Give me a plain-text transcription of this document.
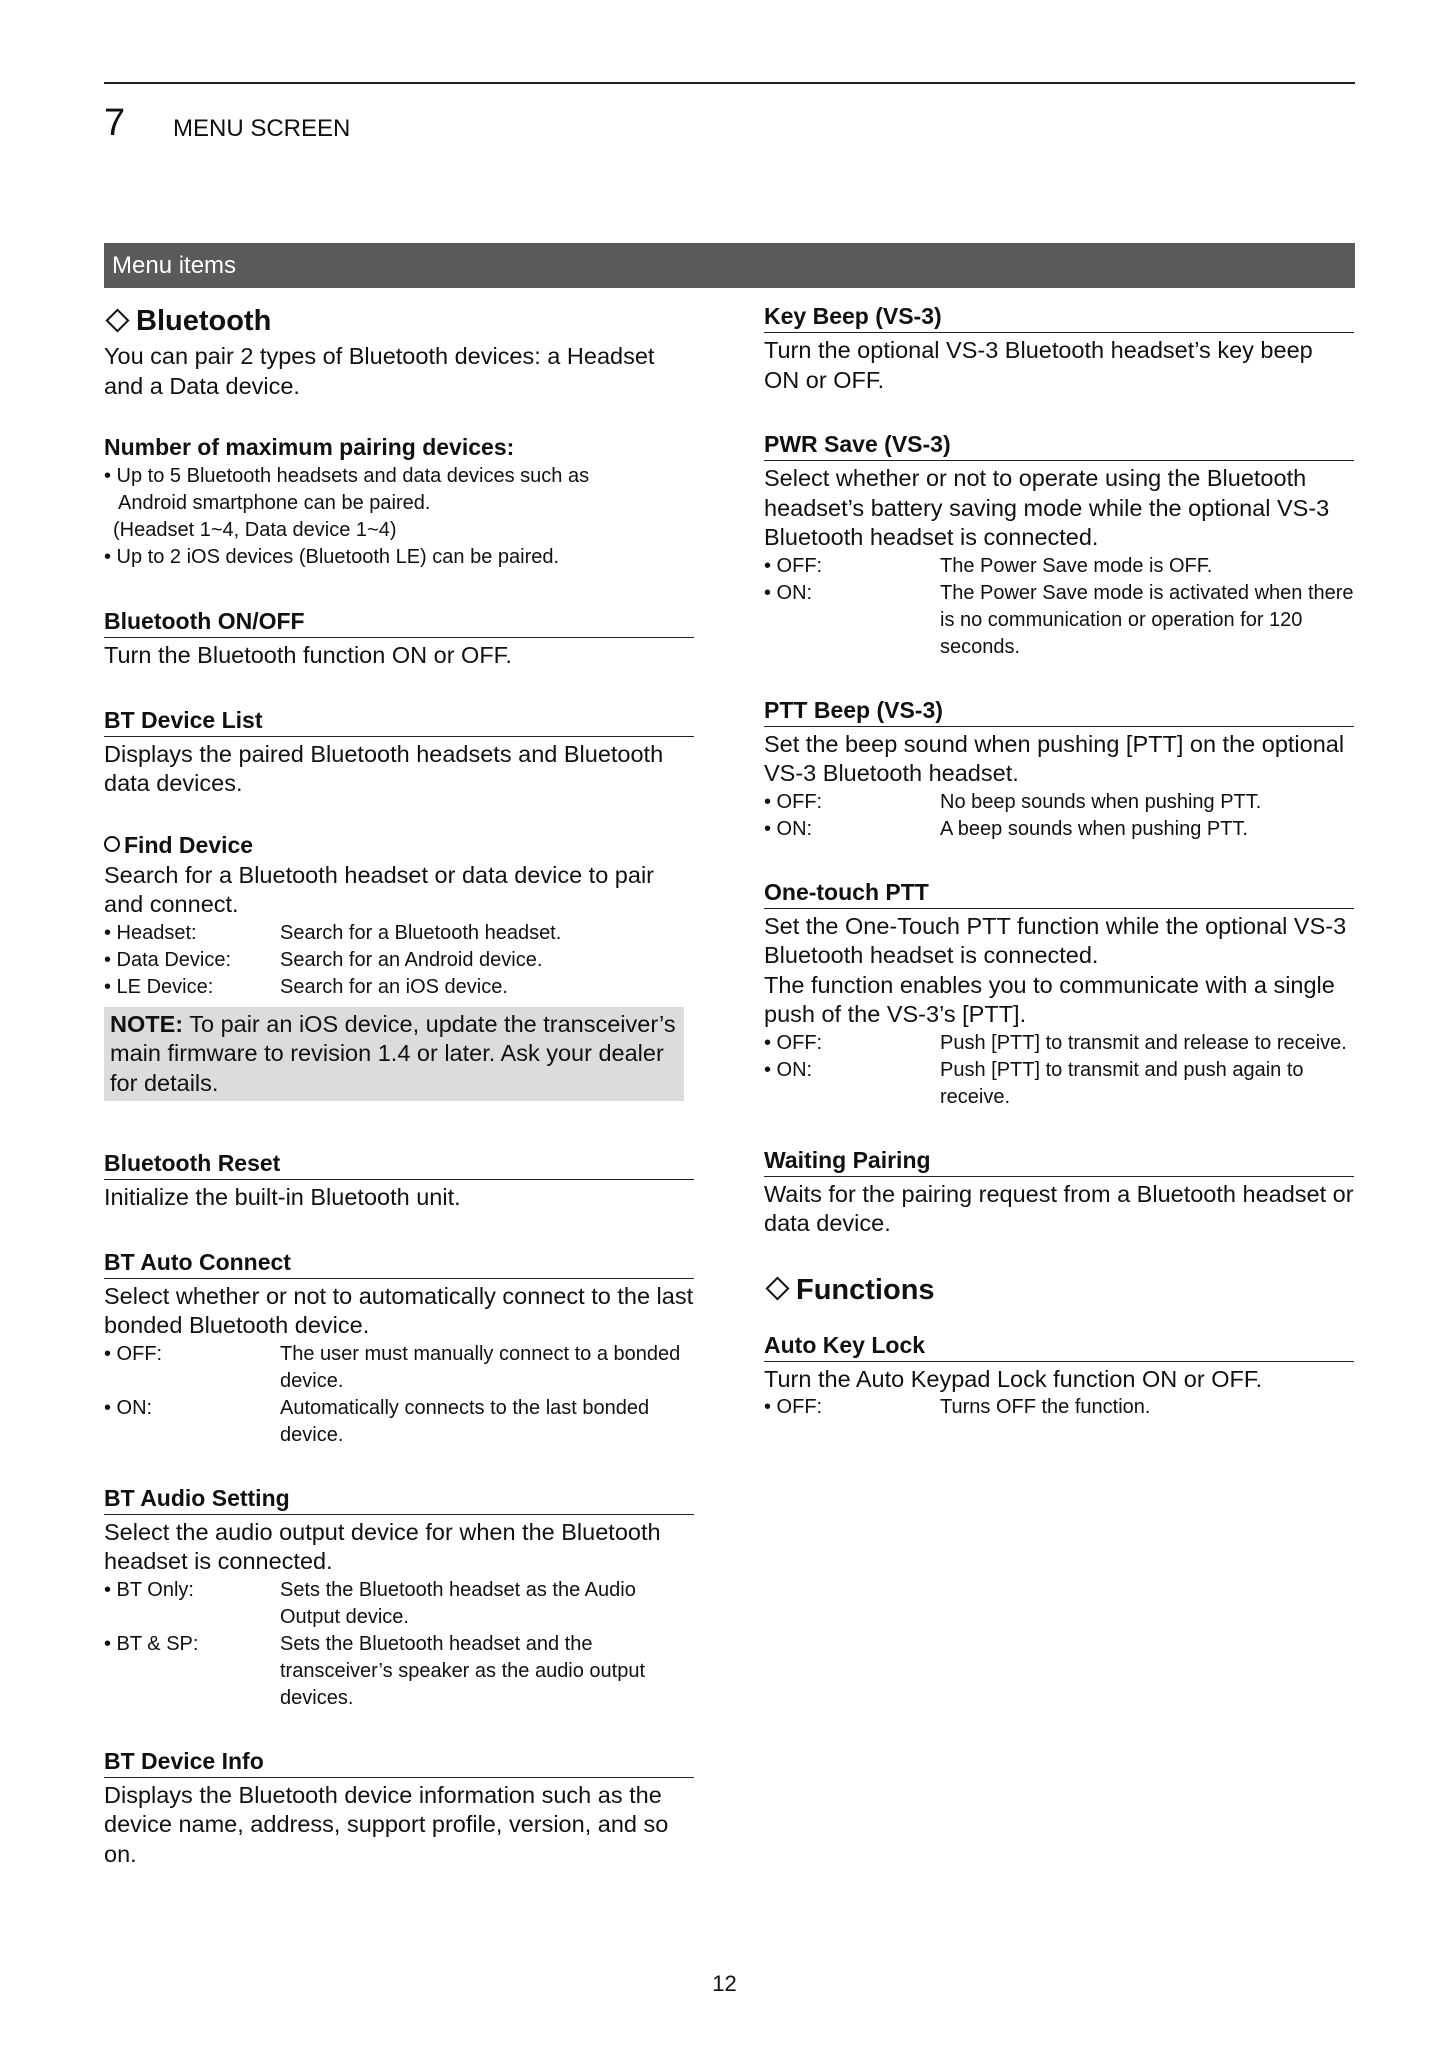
7 MENU SCREEN
Menu items
Bluetooth

You can pair 2 types of Bluetooth devices: a Headset and a Data device.

Number of maximum pairing devices:

• Up to 5 Bluetooth headsets and data devices such as

Android smartphone can be paired.

(Headset 1~4, Data device 1~4)

• Up to 2 iOS devices (Bluetooth LE) can be paired.

Bluetooth ON/OFF

Turn the Bluetooth function ON or OFF.

BT Device List

Displays the paired Bluetooth headsets and Bluetooth data devices.

Find Device

Search for a Bluetooth headset or data device to pair and connect.

• Headset:	Search for a Bluetooth headset.
• Data Device:	Search for an Android device.
• LE Device:	Search for an iOS device.
NOTE: To pair an iOS device, update the transceiver’s main firmware to revision 1.4 or later. Ask your dealer for details.

Bluetooth Reset

Initialize the built-in Bluetooth unit.

BT Auto Connect

Select whether or not to automatically connect to the last bonded Bluetooth device.

• OFF:	The user must manually connect to a bonded device.
• ON:	Automatically connects to the last bonded device.

BT Audio Setting

Select the audio output device for when the Bluetooth headset is connected.

• BT Only:	Sets the Bluetooth headset as the Audio Output device.
• BT & SP:	Sets the Bluetooth headset and the transceiver’s speaker as the audio output devices.

BT Device Info

Displays the Bluetooth device information such as the device name, address, support profile, version, and so on.

Key Beep (VS-3)

Turn the optional VS-3 Bluetooth headset’s key beep ON or OFF.

PWR Save (VS-3)

Select whether or not to operate using the Bluetooth headset’s battery saving mode while the optional VS-3 Bluetooth headset is connected.

• OFF:	The Power Save mode is OFF.
• ON:	The Power Save mode is activated when there is no communication or operation for 120 seconds.

PTT Beep (VS-3)

Set the beep sound when pushing [PTT] on the optional VS-3 Bluetooth headset.

• OFF:	No beep sounds when pushing PTT.
• ON:	A beep sounds when pushing PTT.

One-touch PTT

Set the One-Touch PTT function while the optional VS-3 Bluetooth headset is connected.

The function enables you to communicate with a single push of the VS-3’s [PTT].

• OFF:	Push [PTT] to transmit and release to receive.
• ON:	Push [PTT] to transmit and push again to receive.

Waiting Pairing

Waits for the pairing request from a Bluetooth headset or data device.

Functions

Auto Key Lock

Turn the Auto Keypad Lock function ON or OFF.

• OFF:	Turns OFF the function.
12
